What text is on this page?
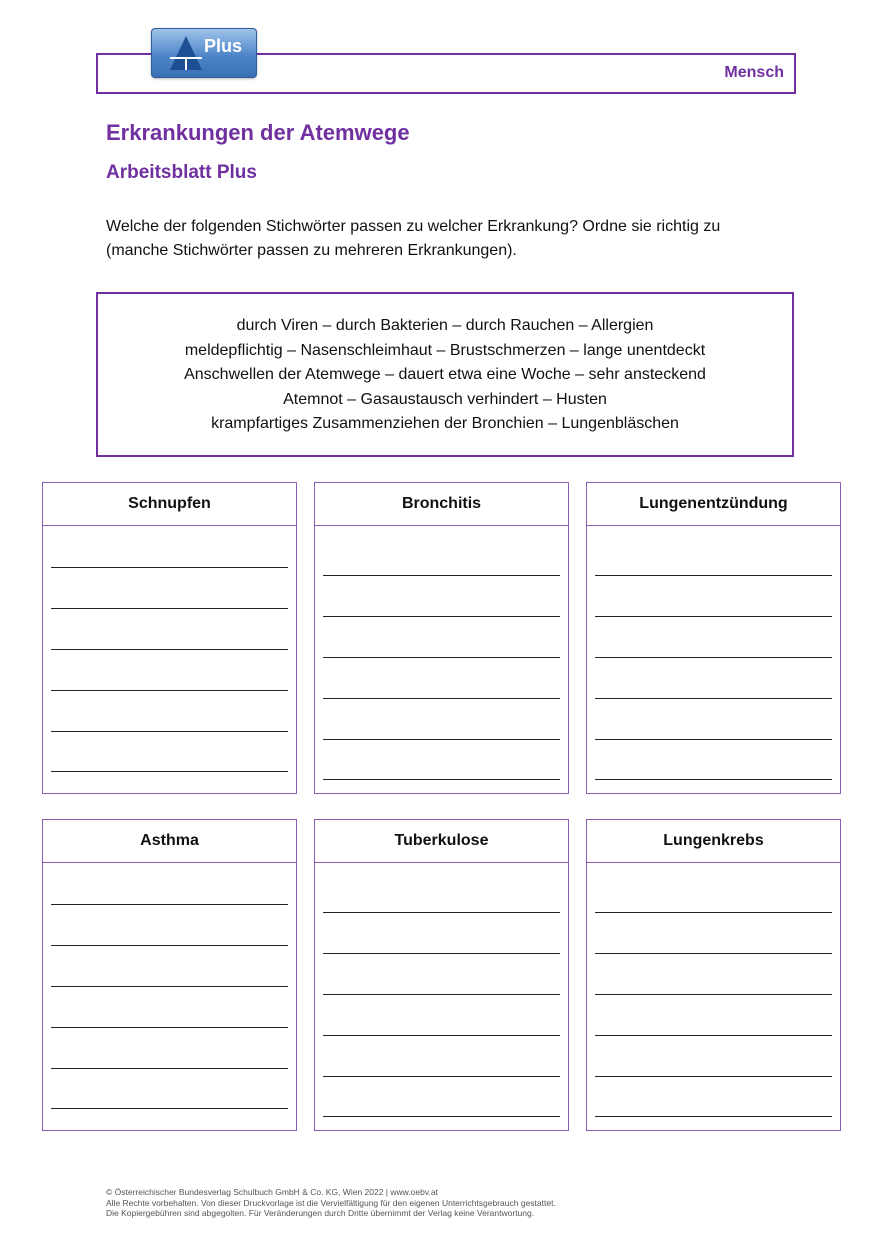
Plus
Mensch
Erkrankungen der Atemwege
Arbeitsblatt Plus

Welche der folgenden Stichwörter passen zu welcher Erkrankung? Ordne sie richtig zu
(manche Stichwörter passen zu mehreren Erkrankungen).

durch Viren – durch Bakterien – durch Rauchen – Allergien
meldepflichtig – Nasenschleimhaut – Brustschmerzen – lange unentdeckt
Anschwellen der Atemwege – dauert etwa eine Woche – sehr ansteckend
Atemnot – Gasaustausch verhindert – Husten
krampfartiges Zusammenziehen der Bronchien – Lungenbläschen
Schnupfen	Bronchitis	Lungenentzündung
Asthma	Tuberkulose	Lungenkrebs
© Österreichischer Bundesverlag Schulbuch GmbH & Co. KG, Wien 2022 | www.oebv.at
Alle Rechte vorbehalten. Von dieser Druckvorlage ist die Vervielfältigung für den eigenen Unterrichtsgebrauch gestattet.
Die Kopiergebühren sind abgegolten. Für Veränderungen durch Dritte übernimmt der Verlag keine Verantwortung.
